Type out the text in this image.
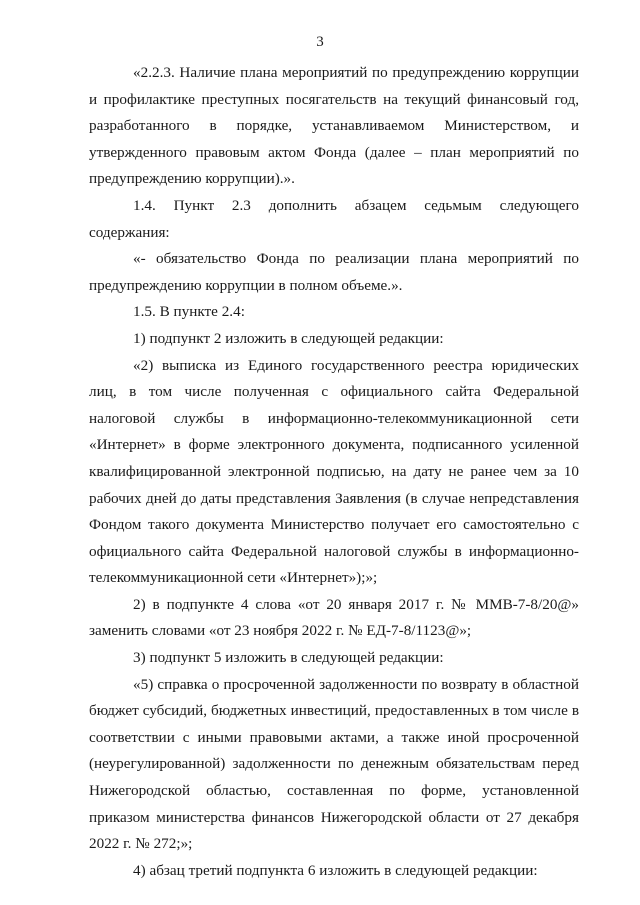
3

«2.2.3. Наличие плана мероприятий по предупреждению коррупции и профилактике преступных посягательств на текущий финансовый год, разработанного в порядке, устанавливаемом Министерством, и утвержденного правовым актом Фонда (далее – план мероприятий по предупреждению коррупции).».

1.4. Пункт 2.3 дополнить абзацем седьмым следующего содержания:

«- обязательство Фонда по реализации плана мероприятий по предупреждению коррупции в полном объеме.».

1.5. В пункте 2.4:

1) подпункт 2 изложить в следующей редакции:

«2) выписка из Единого государственного реестра юридических лиц, в том числе полученная с официального сайта Федеральной налоговой службы в информационно-телекоммуникационной сети «Интернет» в форме электронного документа, подписанного усиленной квалифицированной электронной подписью, на дату не ранее чем за 10 рабочих дней до даты представления Заявления (в случае непредставления Фондом такого документа Министерство получает его самостоятельно с официального сайта Федеральной налоговой службы в информационно-телекоммуникационной сети «Интернет»);»;

2) в подпункте 4 слова «от 20 января 2017 г. № ММВ-7-8/20@» заменить словами «от 23 ноября 2022 г. № ЕД-7-8/1123@»;

3) подпункт 5 изложить в следующей редакции:

«5) справка о просроченной задолженности по возврату в областной бюджет субсидий, бюджетных инвестиций, предоставленных в том числе в соответствии с иными правовыми актами, а также иной просроченной (неурегулированной) задолженности по денежным обязательствам перед Нижегородской областью, составленная по форме, установленной приказом министерства финансов Нижегородской области от 27 декабря 2022 г. № 272;»;

4) абзац третий подпункта 6 изложить в следующей редакции:
